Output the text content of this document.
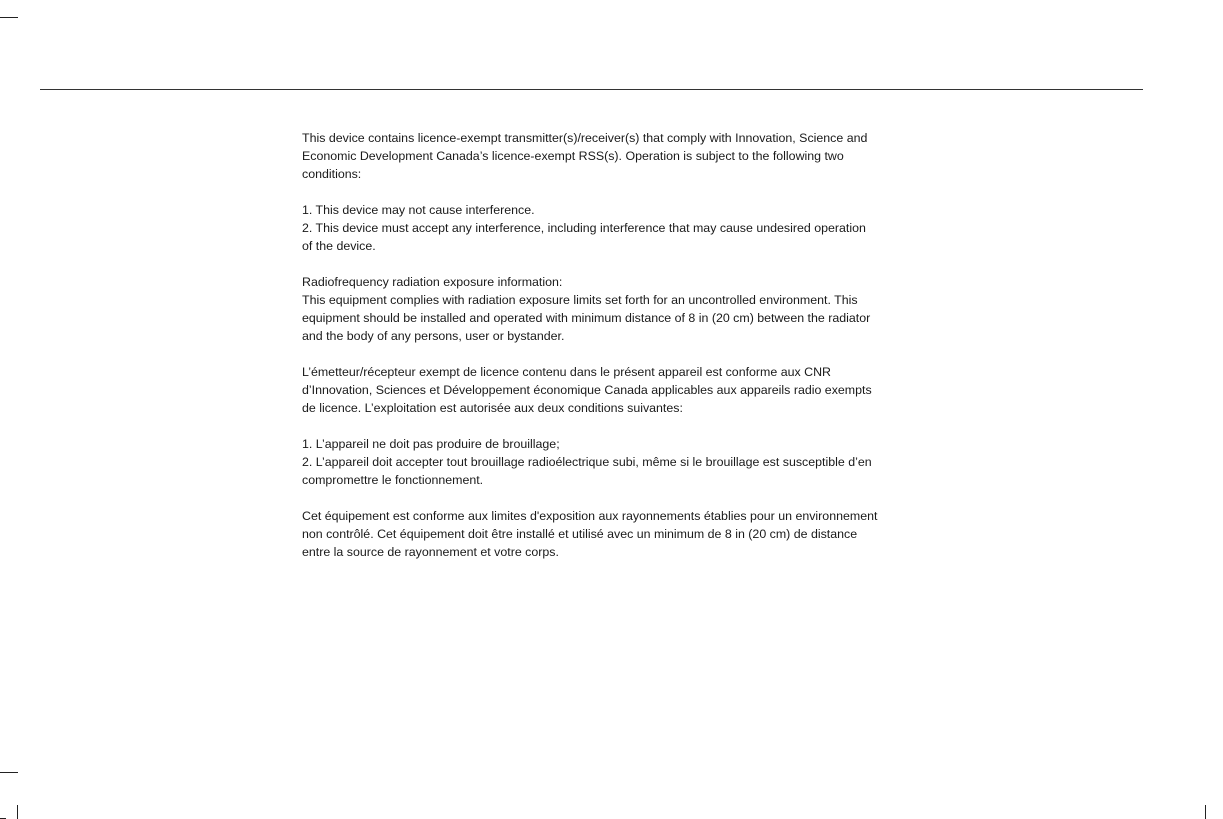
This device contains licence-exempt transmitter(s)/receiver(s) that comply with Innovation, Science and Economic Development Canada’s licence-exempt RSS(s). Operation is subject to the following two conditions:

1. This device may not cause interference.

2. This device must accept any interference, including interference that may cause undesired operation of the device.

Radiofrequency radiation exposure information:

This equipment complies with radiation exposure limits set forth for an uncontrolled environment. This equipment should be installed and operated with minimum distance of 8 in (20 cm) between the radiator and the body of any persons, user or bystander.

L’émetteur/récepteur exempt de licence contenu dans le présent appareil est conforme aux CNR d’Innovation, Sciences et Développement économique Canada applicables aux appareils radio exempts de licence. L’exploitation est autorisée aux deux conditions suivantes:

1. L’appareil ne doit pas produire de brouillage;

2. L’appareil doit accepter tout brouillage radioélectrique subi, même si le brouillage est susceptible d’en compromettre le fonctionnement.

Cet équipement est conforme aux limites d'exposition aux rayonnements établies pour un environnement non contrôlé. Cet équipement doit être installé et utilisé avec un minimum de 8 in (20 cm) de distance entre la source de rayonnement et votre corps.
